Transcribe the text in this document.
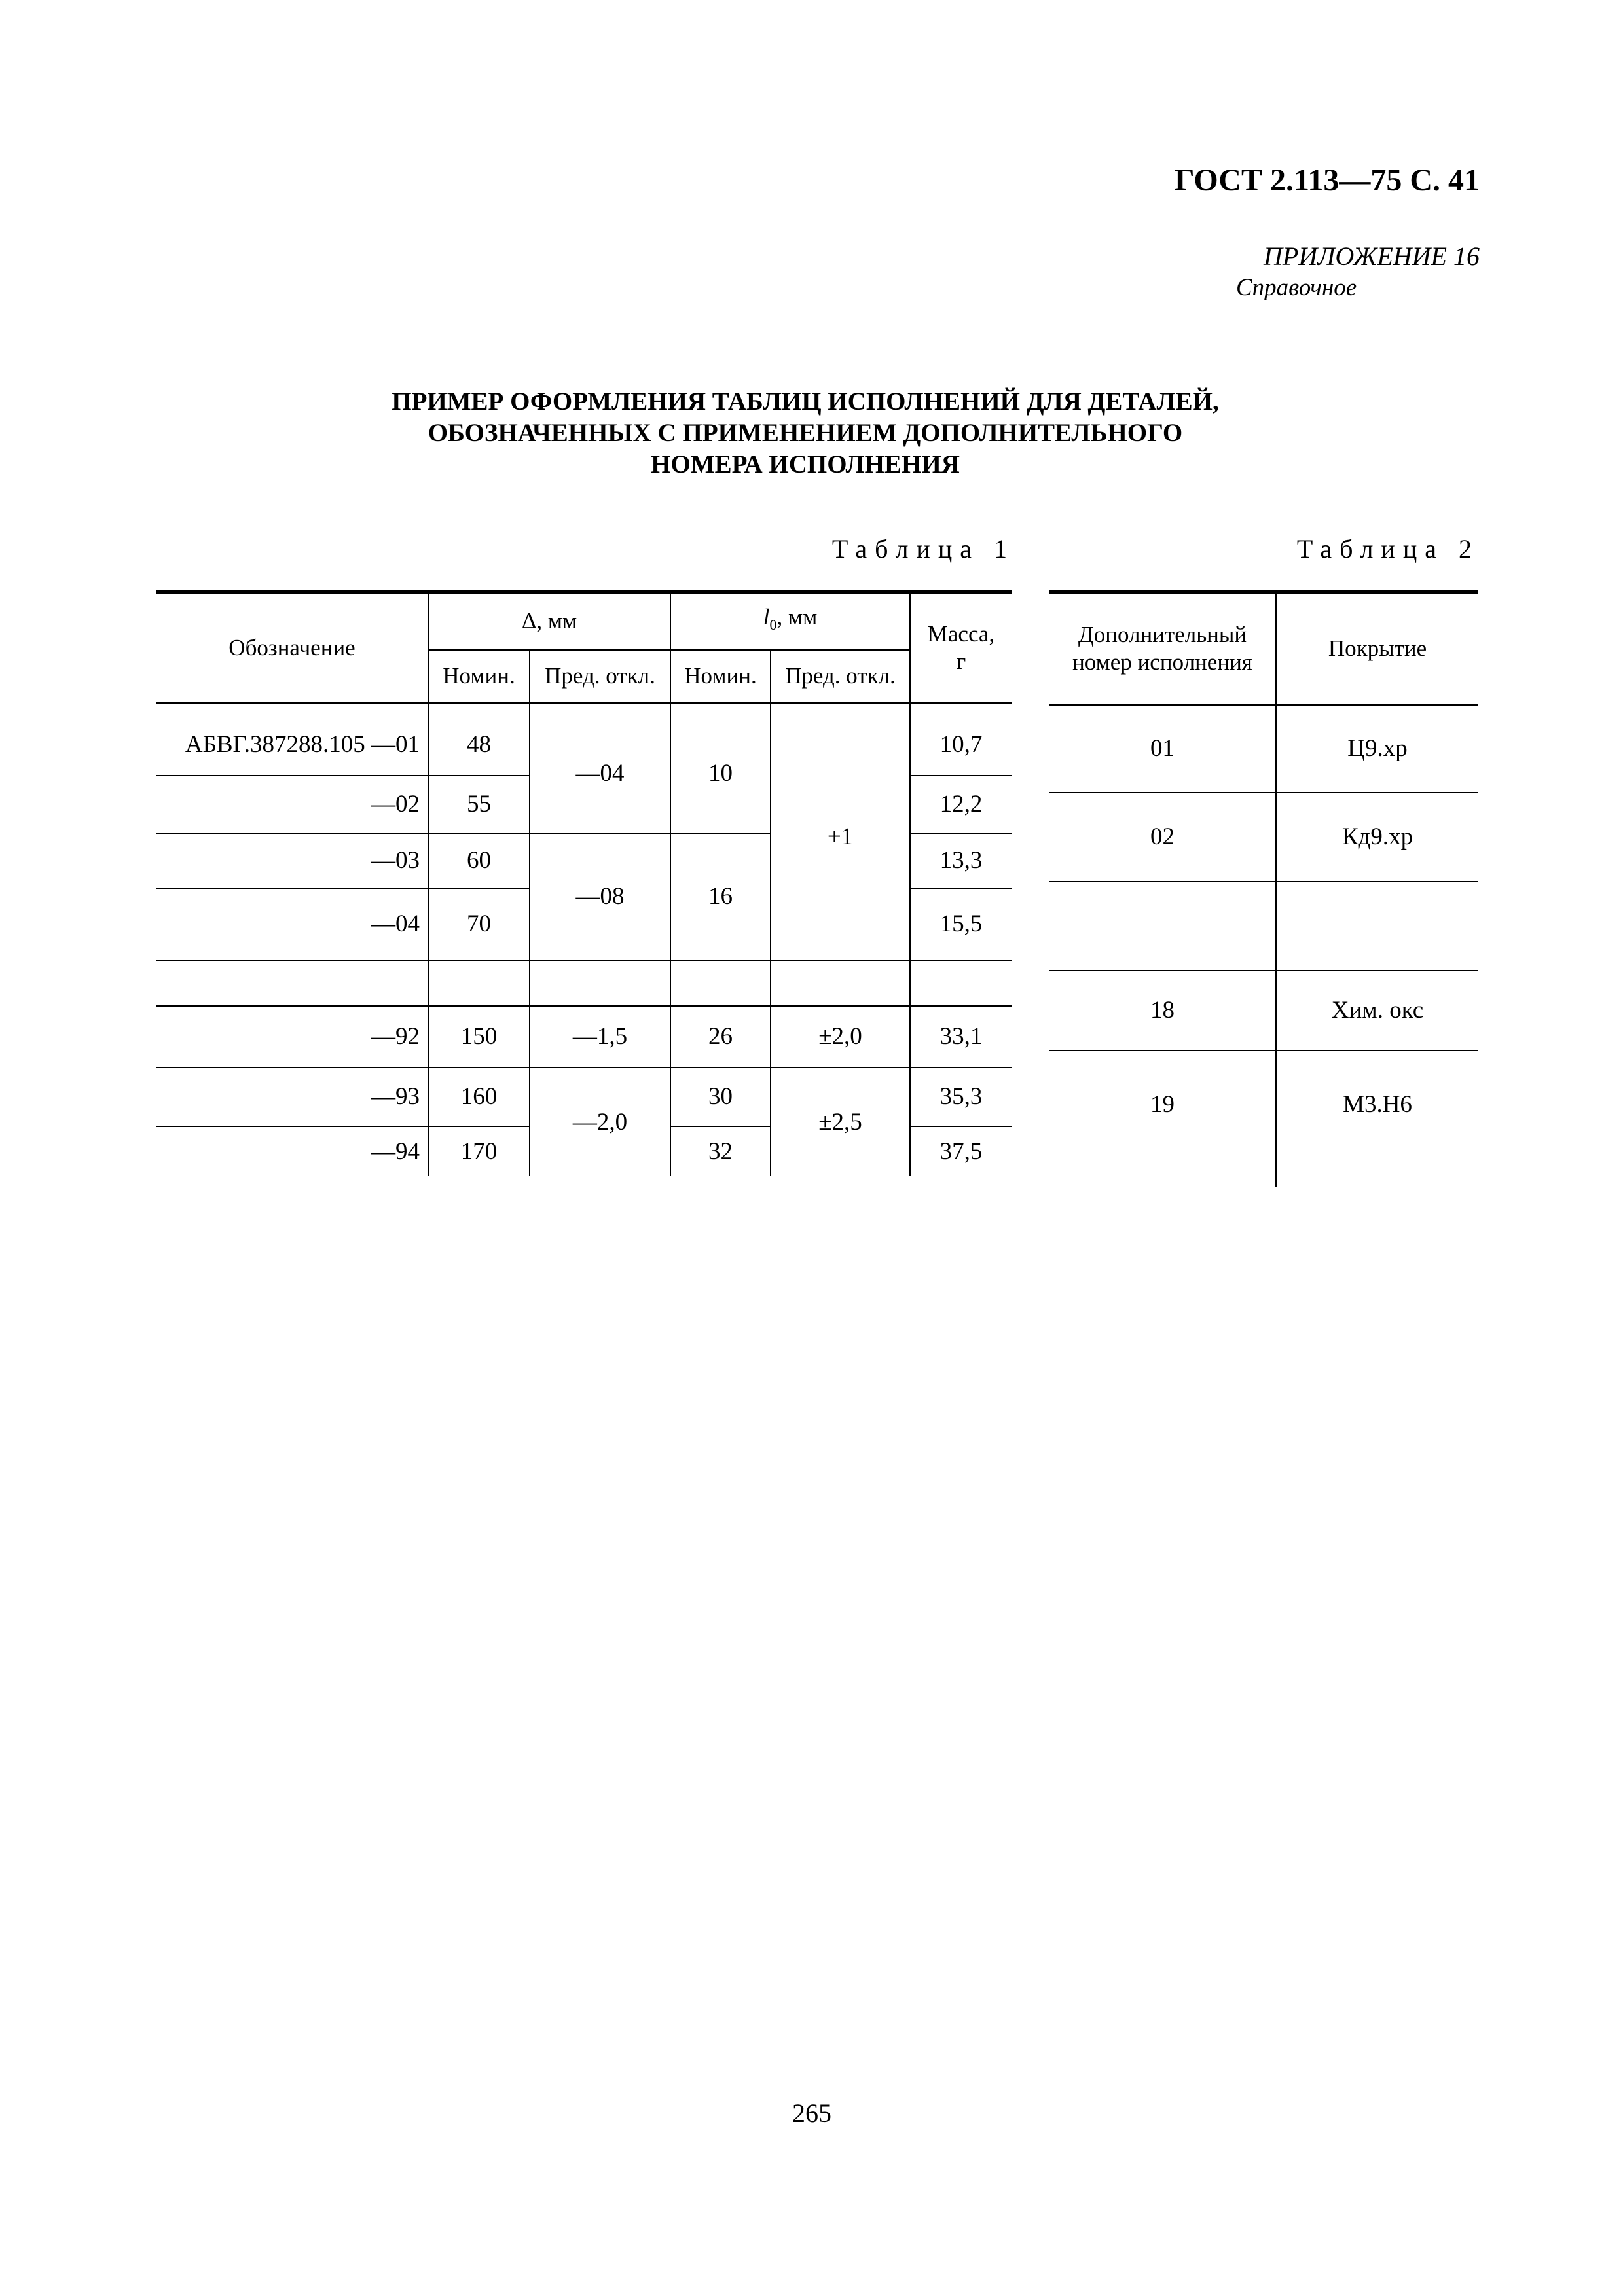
ГОСТ 2.113—75 С. 41
ПРИЛОЖЕНИЕ 16
Справочное
ПРИМЕР ОФОРМЛЕНИЯ ТАБЛИЦ ИСПОЛНЕНИЙ ДЛЯ ДЕТАЛЕЙ,
ОБОЗНАЧЕННЫХ С ПРИМЕНЕНИЕМ ДОПОЛНИТЕЛЬНОГО
НОМЕРА ИСПОЛНЕНИЯ
Таблица 1	Таблица 2
Обозначение	Δ, мм		$l_0$, мм		Масса,
г

	Номин.	Пред. откл.	Номин.	Пред. откл.	

АБВГ.387288.105 —01	48	—04	10	+1	10,7
—02	55				12,2
—03	60	—08	16		13,3
—04	70				15,5

—92	150	—1,5	26	±2,0	33,1
—93	160	—2,0	30	±2,5	35,3
—94	170		32		37,5
Дополнительный
номер исполнения	Покрытие
01	Ц9.хр
02	Кд9.хр

18	Хим. окс
19	М3.Н6
265
